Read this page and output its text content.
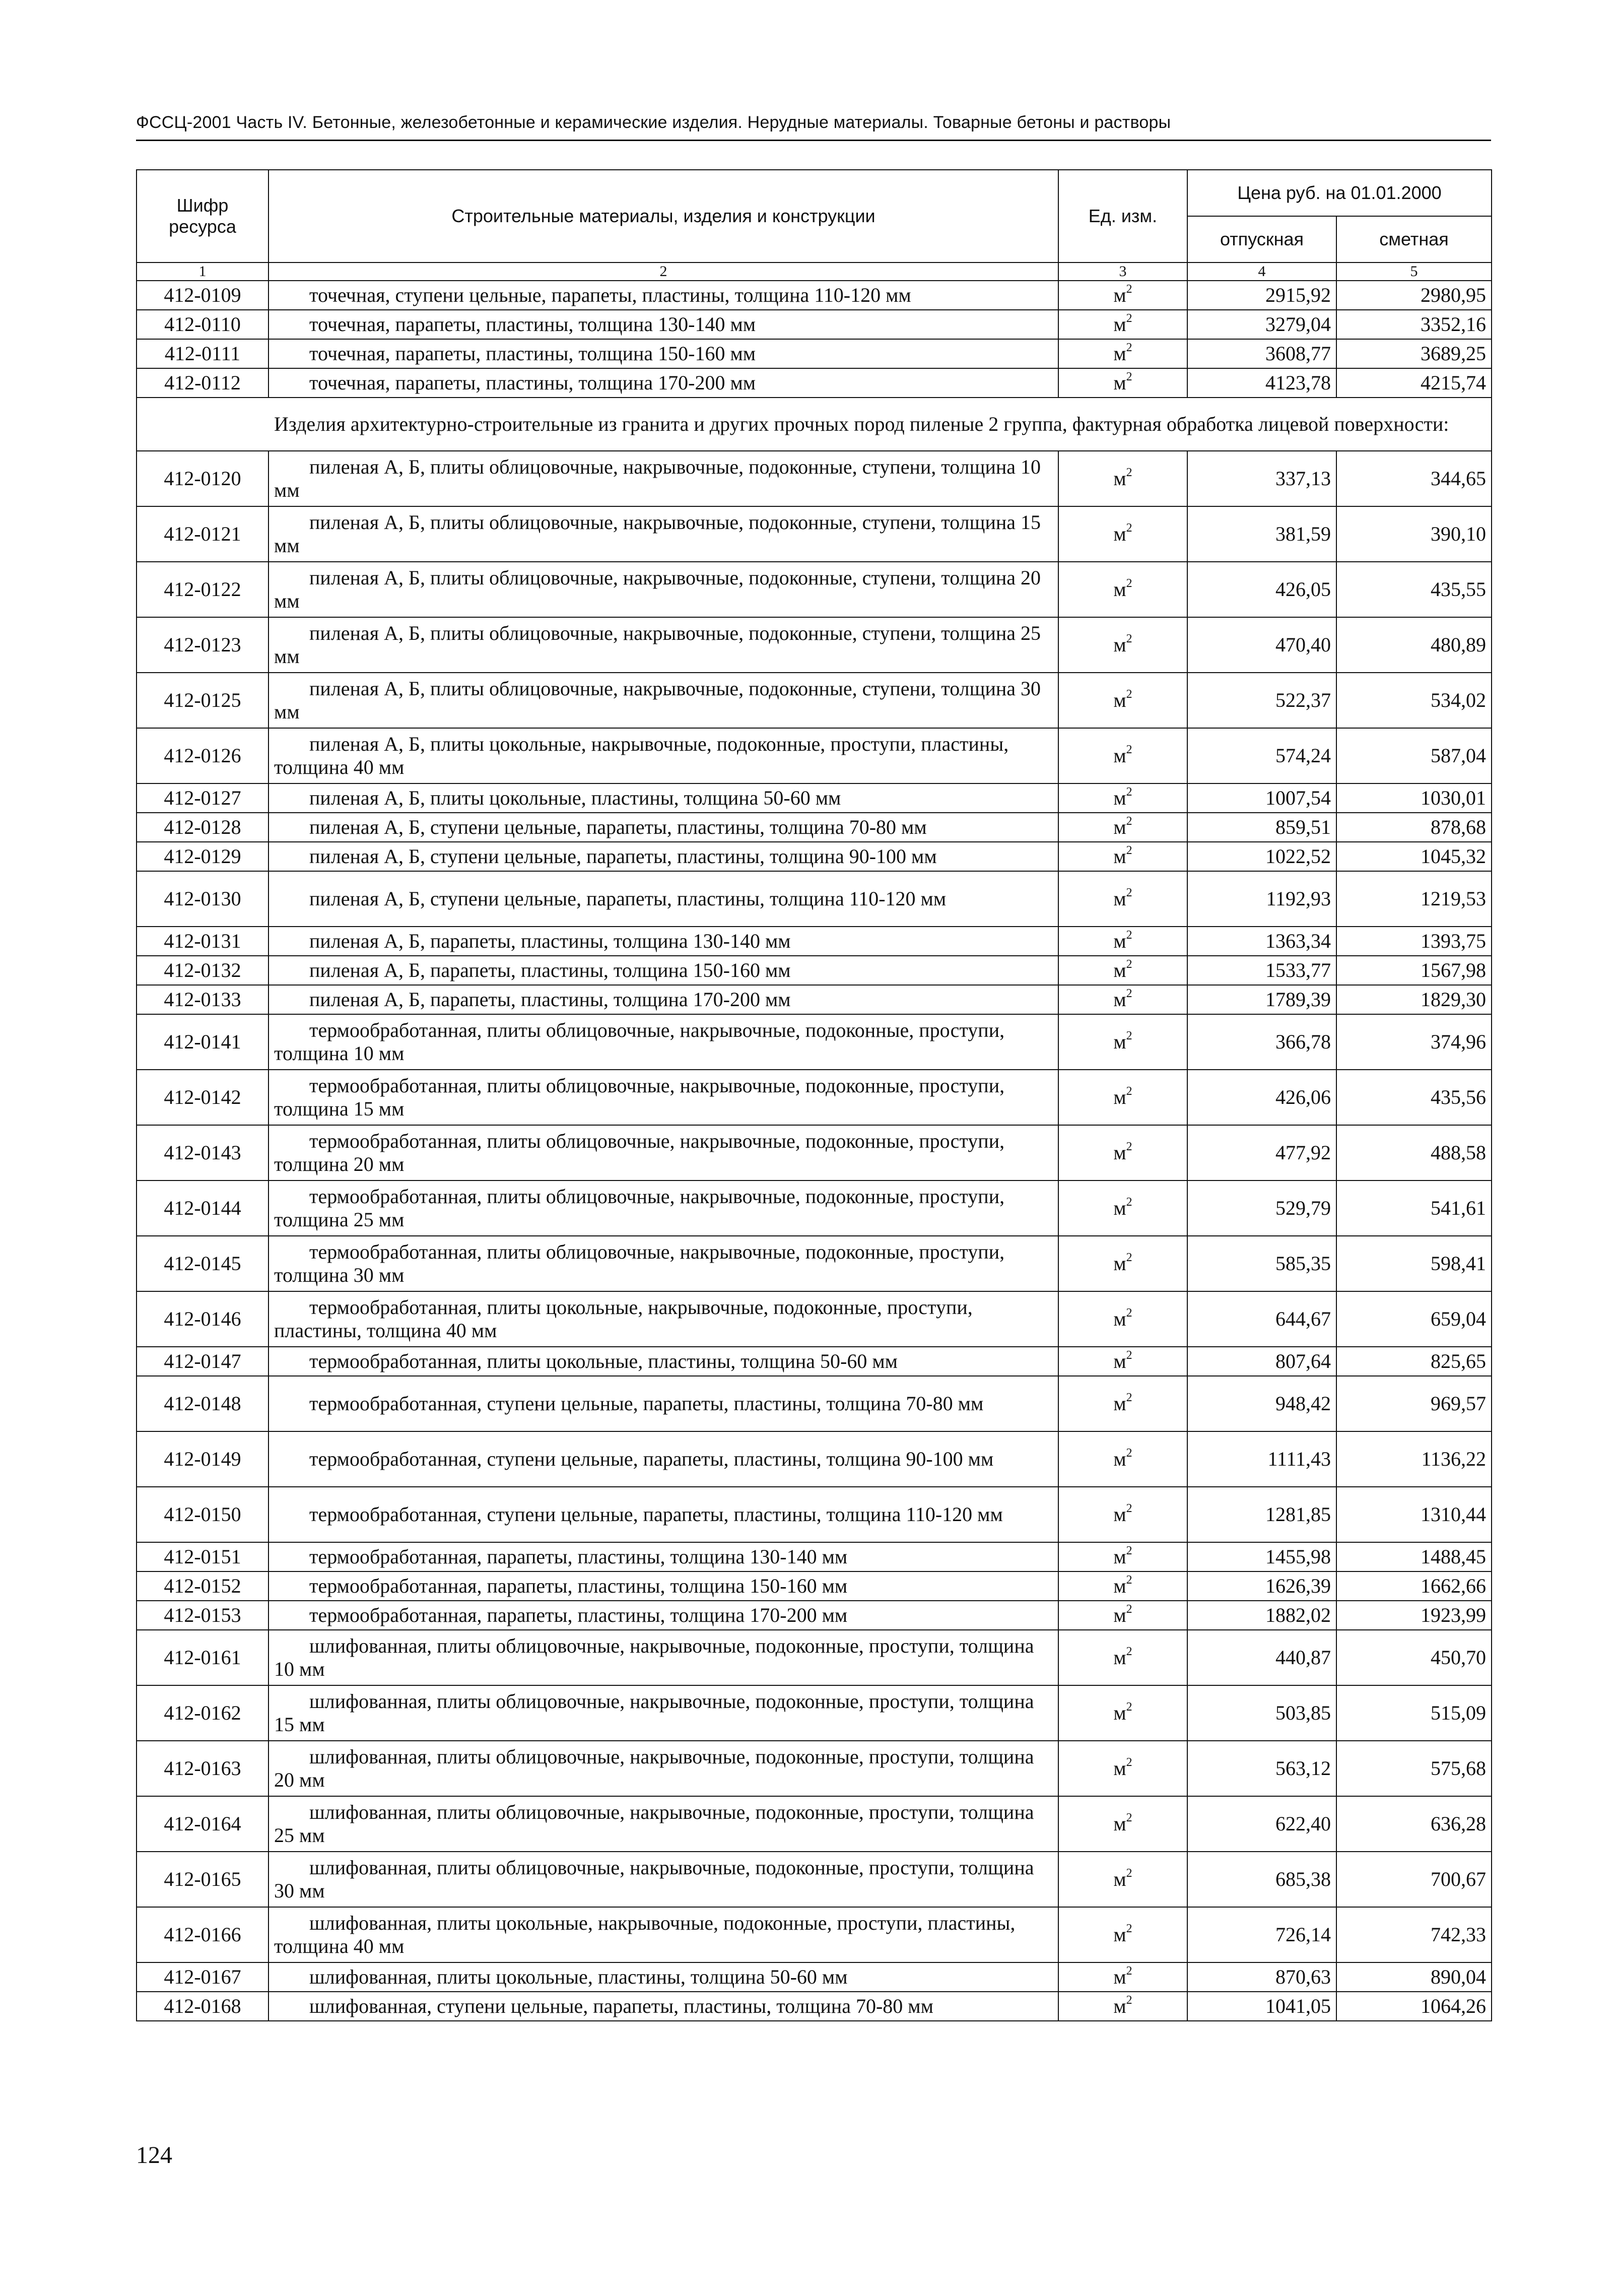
ФССЦ-2001 Часть IV. Бетонные, железобетонные и керамические изделия. Нерудные материалы. Товарные бетоны и растворы
Шифр ресурса	Строительные материалы, изделия и конструкции	Ед. изм.	Цена руб. на 01.01.2000	
			отпускная	сметная
1	2	3	4	5
412-0109	точечная, ступени цельные, парапеты, пластины, толщина 110-120 мм	$м^2$	2915,92	2980,95
412-0110	точечная, парапеты, пластины, толщина 130-140 мм	$м^2$	3279,04	3352,16
412-0111	точечная, парапеты, пластины, толщина 150-160 мм	$м^2$	3608,77	3689,25
412-0112	точечная, парапеты, пластины, толщина 170-200 мм	$м^2$	4123,78	4215,74

Изделия архитектурно-строительные из гранита и других прочных пород пиленые 2 группа, фактурная обработка лицевой поверхности:				

412-0120	пиленая А, Б, плиты облицовочные, накрывочные, подоконные, ступени, толщина 10 мм	$м^2$	337,13	344,65
412-0121	пиленая А, Б, плиты облицовочные, накрывочные, подоконные, ступени, толщина 15 мм	$м^2$	381,59	390,10
412-0122	пиленая А, Б, плиты облицовочные, накрывочные, подоконные, ступени, толщина 20 мм	$м^2$	426,05	435,55
412-0123	пиленая А, Б, плиты облицовочные, накрывочные, подоконные, ступени, толщина 25 мм	$м^2$	470,40	480,89
412-0125	пиленая А, Б, плиты облицовочные, накрывочные, подоконные, ступени, толщина 30 мм	$м^2$	522,37	534,02
412-0126	пиленая А, Б, плиты цокольные, накрывочные, подоконные, проступи, пластины, толщина 40 мм	$м^2$	574,24	587,04
412-0127	пиленая А, Б, плиты цокольные, пластины, толщина 50-60 мм	$м^2$	1007,54	1030,01
412-0128	пиленая А, Б, ступени цельные, парапеты, пластины, толщина 70-80 мм	$м^2$	859,51	878,68
412-0129	пиленая А, Б, ступени цельные, парапеты, пластины, толщина 90-100 мм	$м^2$	1022,52	1045,32
412-0130	пиленая А, Б, ступени цельные, парапеты, пластины, толщина 110-120 мм	$м^2$	1192,93	1219,53
412-0131	пиленая А, Б, парапеты, пластины, толщина 130-140 мм	$м^2$	1363,34	1393,75
412-0132	пиленая А, Б, парапеты, пластины, толщина 150-160 мм	$м^2$	1533,77	1567,98
412-0133	пиленая А, Б, парапеты, пластины, толщина 170-200 мм	$м^2$	1789,39	1829,30
412-0141	термообработанная, плиты облицовочные, накрывочные, подоконные, проступи, толщина 10 мм	$м^2$	366,78	374,96
412-0142	термообработанная, плиты облицовочные, накрывочные, подоконные, проступи, толщина 15 мм	$м^2$	426,06	435,56
412-0143	термообработанная, плиты облицовочные, накрывочные, подоконные, проступи, толщина 20 мм	$м^2$	477,92	488,58
412-0144	термообработанная, плиты облицовочные, накрывочные, подоконные, проступи, толщина 25 мм	$м^2$	529,79	541,61
412-0145	термообработанная, плиты облицовочные, накрывочные, подоконные, проступи, толщина 30 мм	$м^2$	585,35	598,41
412-0146	термообработанная, плиты цокольные, накрывочные, подоконные, проступи, пластины, толщина 40 мм	$м^2$	644,67	659,04
412-0147	термообработанная, плиты цокольные, пластины, толщина 50-60 мм	$м^2$	807,64	825,65
412-0148	термообработанная, ступени цельные, парапеты, пластины, толщина 70-80 мм	$м^2$	948,42	969,57
412-0149	термообработанная, ступени цельные, парапеты, пластины, толщина 90-100 мм	$м^2$	1111,43	1136,22
412-0150	термообработанная, ступени цельные, парапеты, пластины, толщина 110-120 мм	$м^2$	1281,85	1310,44
412-0151	термообработанная, парапеты, пластины, толщина 130-140 мм	$м^2$	1455,98	1488,45
412-0152	термообработанная, парапеты, пластины, толщина 150-160 мм	$м^2$	1626,39	1662,66
412-0153	термообработанная, парапеты, пластины, толщина 170-200 мм	$м^2$	1882,02	1923,99
412-0161	шлифованная, плиты облицовочные, накрывочные, подоконные, проступи, толщина 10 мм	$м^2$	440,87	450,70
412-0162	шлифованная, плиты облицовочные, накрывочные, подоконные, проступи, толщина 15 мм	$м^2$	503,85	515,09
412-0163	шлифованная, плиты облицовочные, накрывочные, подоконные, проступи, толщина 20 мм	$м^2$	563,12	575,68
412-0164	шлифованная, плиты облицовочные, накрывочные, подоконные, проступи, толщина 25 мм	$м^2$	622,40	636,28
412-0165	шлифованная, плиты облицовочные, накрывочные, подоконные, проступи, толщина 30 мм	$м^2$	685,38	700,67
412-0166	шлифованная, плиты цокольные, накрывочные, подоконные, проступи, пластины, толщина 40 мм	$м^2$	726,14	742,33
412-0167	шлифованная, плиты цокольные, пластины, толщина 50-60 мм	$м^2$	870,63	890,04
412-0168	шлифованная, ступени цельные, парапеты, пластины, толщина 70-80 мм	$м^2$	1041,05	1064,26
124
